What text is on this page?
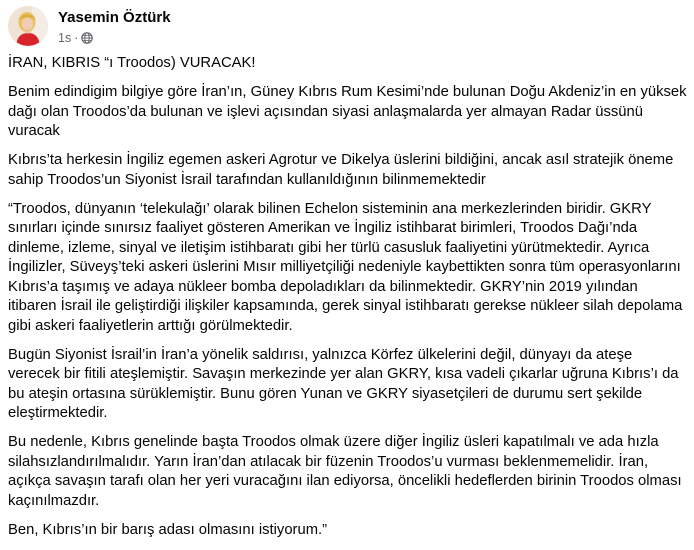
Yasemin Öztürk
1s ·

İRAN, KIBRIS “ı Troodos) VURACAK!

Benim edindigim bilgiye göre İran’ın, Güney Kıbrıs Rum Kesimi’nde bulunan Doğu Akdeniz’in en yüksek dağı olan Troodos’da bulunan ve işlevi açısından siyasi anlaşmalarda yer almayan Radar üssünü vuracak

Kıbrıs’ta herkesin İngiliz egemen askeri Agrotur ve Dikelya üslerini bildiğini, ancak asıl stratejik öneme sahip Troodos’un Siyonist İsrail tarafından kullanıldığının bilinmemektedir

“Troodos, dünyanın ‘telekulağı’ olarak bilinen Echelon sisteminin ana merkezlerinden biridir. GKRY sınırları içinde sınırsız faaliyet gösteren Amerikan ve İngiliz istihbarat birimleri, Troodos Dağı’nda dinleme, izleme, sinyal ve iletişim istihbaratı gibi her türlü casusluk faaliyetini yürütmektedir. Ayrıca İngilizler, Süveyş’teki askeri üslerini Mısır milliyetçiliği nedeniyle kaybettikten sonra tüm operasyonlarını Kıbrıs’a taşımış ve adaya nükleer bomba depoladıkları da bilinmektedir. GKRY’nin 2019 yılından itibaren İsrail ile geliştirdiği ilişkiler kapsamında, gerek sinyal istihbaratı gerekse nükleer silah depolama gibi askeri faaliyetlerin arttığı görülmektedir.

Bugün Siyonist İsrail’in İran’a yönelik saldırısı, yalnızca Körfez ülkelerini değil, dünyayı da ateşe verecek bir fitili ateşlemiştir. Savaşın merkezinde yer alan GKRY, kısa vadeli çıkarlar uğruna Kıbrıs’ı da bu ateşin ortasına sürüklemiştir. Bunu gören Yunan ve GKRY siyasetçileri de durumu sert şekilde eleştirmektedir.

Bu nedenle, Kıbrıs genelinde başta Troodos olmak üzere diğer İngiliz üsleri kapatılmalı ve ada hızla silahsızlandırılmalıdır. Yarın İran’dan atılacak bir füzenin Troodos’u vurması beklenmemelidir. İran, açıkça savaşın tarafı olan her yeri vuracağını ilan ediyorsa, öncelikli hedeflerden birinin Troodos olması kaçınılmazdır.

Ben, Kıbrıs’ın bir barış adası olmasını istiyorum.”
